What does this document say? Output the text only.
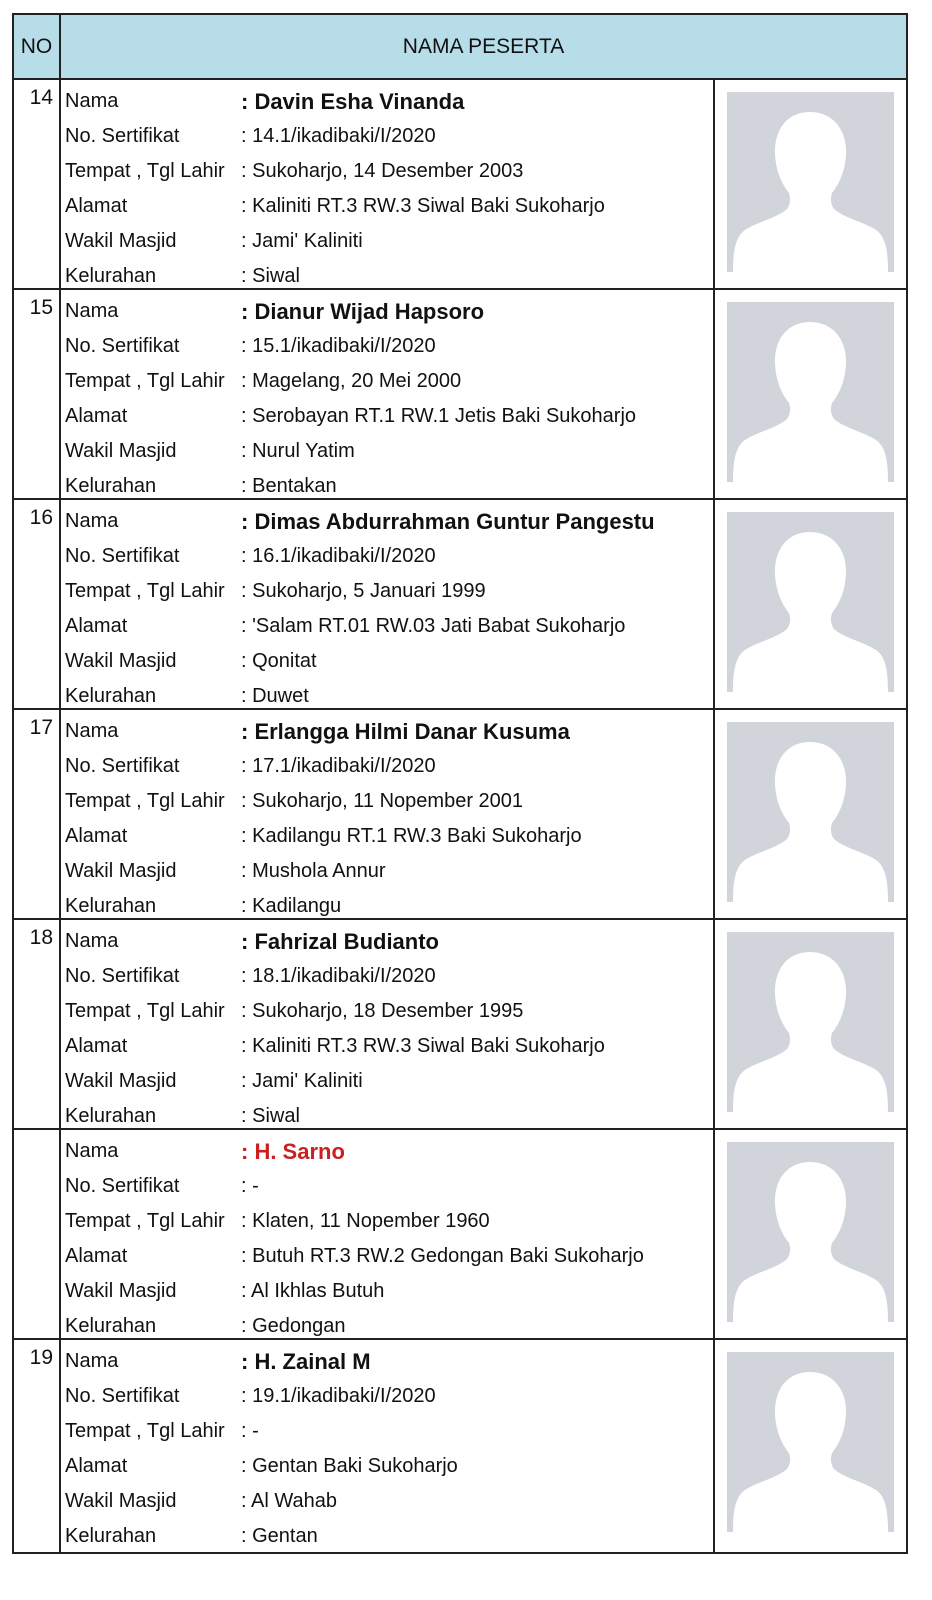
NO	NAMA PESERTA
14 Nama	: Davin Esha Vinanda
No. Sertifikat	: 14.1/ikadibaki/I/2020
Tempat , Tgl Lahir : Sukoharjo, 14 Desember 2003
Alamat	: Kaliniti RT.3 RW.3 Siwal Baki Sukoharjo
Wakil Masjid	: Jami' Kaliniti
Kelurahan	: Siwal
15 Nama	: Dianur Wijad Hapsoro
No. Sertifikat	: 15.1/ikadibaki/I/2020
Tempat , Tgl Lahir : Magelang, 20 Mei 2000
Alamat	: Serobayan RT.1 RW.1 Jetis Baki Sukoharjo
Wakil Masjid	: Nurul Yatim
Kelurahan	: Bentakan
16 Nama	: Dimas Abdurrahman Guntur Pangestu
No. Sertifikat	: 16.1/ikadibaki/I/2020
Tempat , Tgl Lahir : Sukoharjo, 5 Januari 1999
Alamat	: 'Salam RT.01 RW.03 Jati Babat Sukoharjo
Wakil Masjid	: Qonitat
Kelurahan	: Duwet
17 Nama	: Erlangga Hilmi Danar Kusuma
No. Sertifikat	: 17.1/ikadibaki/I/2020
Tempat , Tgl Lahir : Sukoharjo, 11 Nopember 2001
Alamat	: Kadilangu RT.1 RW.3 Baki Sukoharjo
Wakil Masjid	: Mushola Annur
Kelurahan	: Kadilangu
18 Nama	: Fahrizal Budianto
No. Sertifikat	: 18.1/ikadibaki/I/2020
Tempat , Tgl Lahir : Sukoharjo, 18 Desember 1995
Alamat	: Kaliniti RT.3 RW.3 Siwal Baki Sukoharjo
Wakil Masjid	: Jami' Kaliniti
Kelurahan	: Siwal
Nama	: H. Sarno
No. Sertifikat	: -
Tempat , Tgl Lahir : Klaten, 11 Nopember 1960
Alamat	: Butuh RT.3 RW.2 Gedongan Baki Sukoharjo
Wakil Masjid	: Al Ikhlas Butuh
Kelurahan	: Gedongan
19 Nama	: H. Zainal M
No. Sertifikat	: 19.1/ikadibaki/I/2020
Tempat , Tgl Lahir : -
Alamat	: Gentan Baki Sukoharjo
Wakil Masjid	: Al Wahab
Kelurahan	: Gentan
